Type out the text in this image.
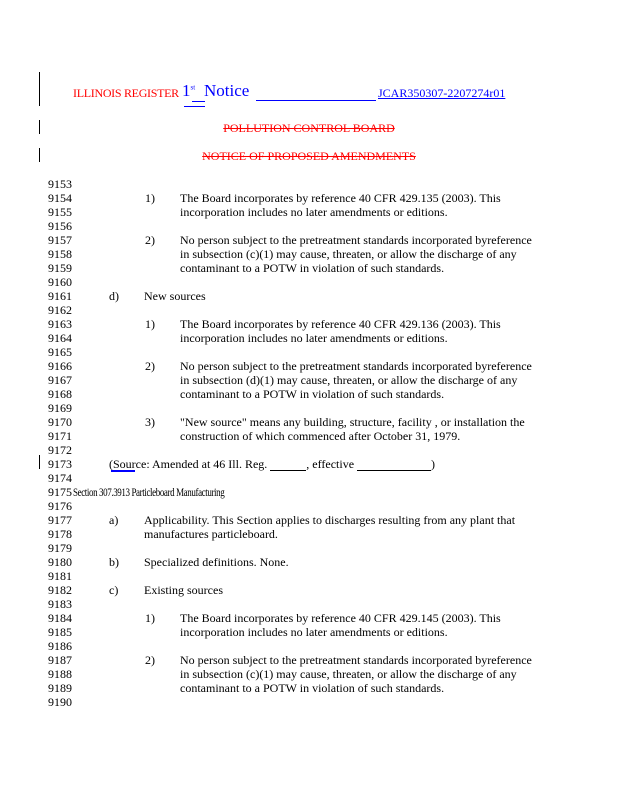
ILLINOIS REGISTER 1st Notice	JCAR350307-2207274r01
POLLUTION CONTROL BOARD
NOTICE OF PROPOSED AMENDMENTS
9153
9154	1) The Board incorporates by reference 40 CFR 429.135 (2003). This
9155	incorporation includes no later amendments or editions.
9156
9157	2) No person subject to the pretreatment standards incorporated byreference
9158	in subsection (c)(1) may cause, threaten, or allow the discharge of any
9159	contaminant to a POTW in violation of such standards.
9160
9161	d) New sources
9162
9163	1) The Board incorporates by reference 40 CFR 429.136 (2003). This
9164	incorporation includes no later amendments or editions.
9165
9166	2) No person subject to the pretreatment standards incorporated byreference
9167	in subsection (d)(1) may cause, threaten, or allow the discharge of any
9168	contaminant to a POTW in violation of such standards.
9169
9170	3) "New source" means any building, structure, facility , or installation the
9171	construction of which commenced after October 31, 1979.
9172
9173	(Source: Amended at 46 Ill. Reg.	, effective	)
9174
9175 Section 307.3913 Particleboard Manufacturing
9176
9177	a) Applicability. This Section applies to discharges resulting from any plant that
9178	manufactures particleboard.
9179
9180	b) Specialized definitions. None.
9181
9182	c) Existing sources
9183
9184	1) The Board incorporates by reference 40 CFR 429.145 (2003). This
9185	incorporation includes no later amendments or editions.
9186
9187	2) No person subject to the pretreatment standards incorporated byreference
9188	in subsection (c)(1) may cause, threaten, or allow the discharge of any
9189	contaminant to a POTW in violation of such standards.
9190
